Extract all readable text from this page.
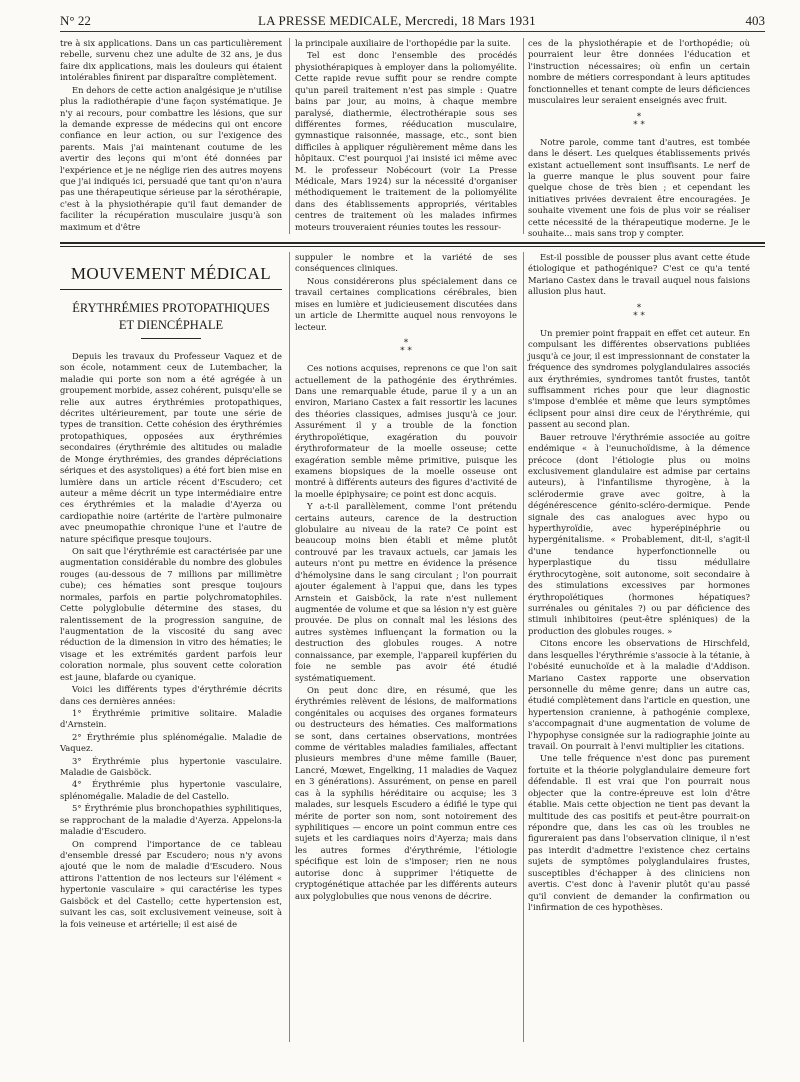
N° 22	LA PRESSE MEDICALE, Mercredi, 18 Mars 1931	403

tre à six applications. Dans un cas particulièrement rebelle, survenu chez une adulte de 32 ans, je dus faire dix applications, mais les douleurs qui étaient intolérables finirent par disparaître complètement.

En dehors de cette action analgésique je n'utilise plus la radiothérapie d'une façon systématique. Je n'y ai recours, pour combattre les lésions, que sur la demande expresse de médecins qui ont encore confiance en leur action, ou sur l'exigence des parents. Mais j'ai maintenant coutume de les avertir des leçons qui m'ont été données par l'expérience et je ne néglige rien des autres moyens que j'ai indiqués ici, persuadé que tant qu'on n'aura pas une thérapeutique sérieuse par la sérothérapie, c'est à la physiothérapie qu'il faut demander de faciliter la récupération musculaire jusqu'à son maximum et d'être

la principale auxiliaire de l'orthopédie par la suite.

Tel est donc l'ensemble des procédés physiothérapiques à employer dans la poliomyélite. Cette rapide revue suffit pour se rendre compte qu'un pareil traitement n'est pas simple : Quatre bains par jour, au moins, à chaque membre paralysé, diathermie, électrothérapie sous ses différentes formes, rééducation musculaire, gymnastique raisonnée, massage, etc., sont bien difficiles à appliquer régulièrement même dans les hôpitaux. C'est pourquoi j'ai insisté ici même avec M. le professeur Nobécourt (voir La Presse Médicale, Mars 1924) sur la nécessité d'organiser méthodiquement le traitement de la poliomyélite dans des établissements appropriés, véritables centres de traitement où les malades infirmes moteurs trouveraient réunies toutes les ressour-

ces de la physiothérapie et de l'orthopédie; où pourraient leur être données l'éducation et l'instruction nécessaires; où enfin un certain nombre de métiers correspondant à leurs aptitudes fonctionnelles et tenant compte de leurs déficiences musculaires leur seraient enseignés avec fruit.

*
* *

Notre parole, comme tant d'autres, est tombée dans le désert. Les quelques établissements privés existant actuellement sont insuffisants. Le nerf de la guerre manque le plus souvent pour faire quelque chose de très bien ; et cependant les initiatives privées devraient être encouragées. Je souhaite vivement une fois de plus voir se réaliser cette nécessité de la thérapeutique moderne. Je le souhaite... mais sans trop y compter.

MOUVEMENT MÉDICAL
ÉRYTHRÉMIES PROTOPATHIQUES
ET DIENCÉPHALE

Depuis les travaux du Professeur Vaquez et de son école, notamment ceux de Lutembacher, la maladie qui porte son nom a été agrégée à un groupement morbide, assez cohérent, puisqu'elle se relie aux autres érythrémies protopathiques, décrites ultérieurement, par toute une série de types de transition. Cette cohésion des érythrémies protopathiques, opposées aux érythrémies secondaires (érythrémie des altitudes ou maladie de Monge érythrémies, des grandes dépréciations sériques et des asystoliques) a été fort bien mise en lumière dans un article récent d'Escudero; cet auteur a même décrit un type intermédiaire entre ces érythrémies et la maladie d'Ayerza ou cardiopathie noire (artérite de l'artère pulmonaire avec pneumopathie chronique l'une et l'autre de nature spécifique presque toujours.

On sait que l'érythrémie est caractérisée par une augmentation considérable du nombre des globules rouges (au-dessous de 7 millions par millimètre cube); ces hématies sont presque toujours normales, parfois en partie polychromatophiles. Cette polyglobulie détermine des stases, du ralentissement de la progression sanguine, de l'augmentation de la viscosité du sang avec réduction de la dimension in vitro des hématies; le visage et les extrémités gardent parfois leur coloration normale, plus souvent cette coloration est jaune, blafarde ou cyanique.

Voici les différents types d'érythrémie décrits dans ces dernières années:

1° Érythrémie primitive solitaire. Maladie d'Arnstein.

2° Érythrémie plus splénomégalie. Maladie de Vaquez.

3° Érythrémie plus hypertonie vasculaire. Maladie de Gaisböck.

4° Érythrémie plus hypertonie vasculaire, splénomégalie. Maladie de del Castello.

5° Érythrémie plus bronchopathies syphilitiques, se rapprochant de la maladie d'Ayerza. Appelons-la maladie d'Escudero.

On comprend l'importance de ce tableau d'ensemble dressé par Escudero; nous n'y avons ajouté que le nom de maladie d'Escudero. Nous attirons l'attention de nos lecteurs sur l'élément « hypertonie vasculaire » qui caractérise les types Gaisböck et del Castello; cette hypertension est, suivant les cas, soit exclusivement veineuse, soit à la fois veineuse et artérielle; il est aisé de

suppuler le nombre et la variété de ses conséquences cliniques.

Nous considérerons plus spécialement dans ce travail certaines complications cérébrales, bien mises en lumière et judicieusement discutées dans un article de Lhermitte auquel nous renvoyons le lecteur.

*
* *

Ces notions acquises, reprenons ce que l'on sait actuellement de la pathogénie des érythrémies. Dans une remarquable étude, parue il y a un an environ, Mariano Castex a fait ressortir les lacunes des théories classiques, admises jusqu'à ce jour. Assurément il y a trouble de la fonction érythropoïétique, exagération du pouvoir érythroformateur de la moelle osseuse; cette exagération semble même primitive, puisque les examens biopsiques de la moelle osseuse ont montré à différents auteurs des figures d'activité de la moelle épiphysaire; ce point est donc acquis.

Y a-t-il parallèlement, comme l'ont prétendu certains auteurs, carence de la destruction globulaire au niveau de la rate? Ce point est beaucoup moins bien établi et même plutôt controuvé par les travaux actuels, car jamais les auteurs n'ont pu mettre en évidence la présence d'hémolysine dans le sang circulant ; l'on pourrait ajouter également à l'appui que, dans les types Arnstein et Gaisböck, la rate n'est nullement augmentée de volume et que sa lésion n'y est guère prouvée. De plus on connaît mal les lésions des autres systèmes influençant la formation ou la destruction des globules rouges. A notre connaissance, par exemple, l'appareil kupférien du foie ne semble pas avoir été étudié systématiquement.

On peut donc dire, en résumé, que les érythrémies relèvent de lésions, de malformations congénitales ou acquises des organes formateurs ou destructeurs des hématies. Ces malformations se sont, dans certaines observations, montrées comme de véritables maladies familiales, affectant plusieurs membres d'une même famille (Bauer, Lancré, Mœwet, Engelking, 11 maladies de Vaquez en 3 générations). Assurément, on pense en pareil cas à la syphilis héréditaire ou acquise; les 3 malades, sur lesquels Escudero a édifié le type qui mérite de porter son nom, sont notoirement des syphilitiques — encore un point commun entre ces sujets et les cardiaques noirs d'Ayerza; mais dans les autres formes d'érythrémie, l'étiologie spécifique est loin de s'imposer; rien ne nous autorise donc à supprimer l'étiquette de cryptogénétique attachée par les différents auteurs aux polyglobulies que nous venons de décrire.

Est-il possible de pousser plus avant cette étude étiologique et pathogénique? C'est ce qu'a tenté Mariano Castex dans le travail auquel nous faisions allusion plus haut.

*
* *

Un premier point frappait en effet cet auteur. En compulsant les différentes observations publiées jusqu'à ce jour, il est impressionnant de constater la fréquence des syndromes polyglandulaires associés aux érythrémies, syndromes tantôt frustes, tantôt suffisamment riches pour que leur diagnostic s'impose d'emblée et même que leurs symptômes éclipsent pour ainsi dire ceux de l'érythrémie, qui passent au second plan.

Bauer retrouve l'érythrémie associée au goitre endémique « à l'eunuchoïdisme, à la démence précoce (dont l'étiologie plus ou moins exclusivement glandulaire est admise par certains auteurs), à l'infantilisme thyrogène, à la sclérodermie grave avec goitre, à la dégénérescence génito-scléro-dermique. Pende signale des cas analogues avec hypo ou hyperthyroïdie, avec hyperépinéphrie ou hypergénitalisme. « Probablement, dit-il, s'agit-il d'une tendance hyperfonctionnelle ou hyperplastique du tissu médullaire érythrocytogène, soit autonome, soit secondaire à des stimulations excessives par hormones érythropoïétiques (hormones hépatiques? surrénales ou génitales ?) ou par déficience des stimuli inhibitoires (peut-être spléniques) de la production des globules rouges. »

Citons encore les observations de Hirschfeld, dans lesquelles l'érythrémie s'associe à la tétanie, à l'obésité eunuchoïde et à la maladie d'Addison. Mariano Castex rapporte une observation personnelle du même genre; dans un autre cas, étudié complètement dans l'article en question, une hypertension cranienne, à pathogénie complexe, s'accompagnait d'une augmentation de volume de l'hypophyse consignée sur la radiographie jointe au travail. On pourrait à l'envi multiplier les citations.

Une telle fréquence n'est donc pas purement fortuite et la théorie polyglandulaire demeure fort défendable. Il est vrai que l'on pourrait nous objecter que la contre-épreuve est loin d'être établie. Mais cette objection ne tient pas devant la multitude des cas positifs et peut-être pourrait-on répondre que, dans les cas où les troubles ne figureraient pas dans l'observation clinique, il n'est pas interdit d'admettre l'existence chez certains sujets de symptômes polyglandulaires frustes, susceptibles d'échapper à des cliniciens non avertis. C'est donc à l'avenir plutôt qu'au passé qu'il convient de demander la confirmation ou l'infirmation de ces hypothèses.
